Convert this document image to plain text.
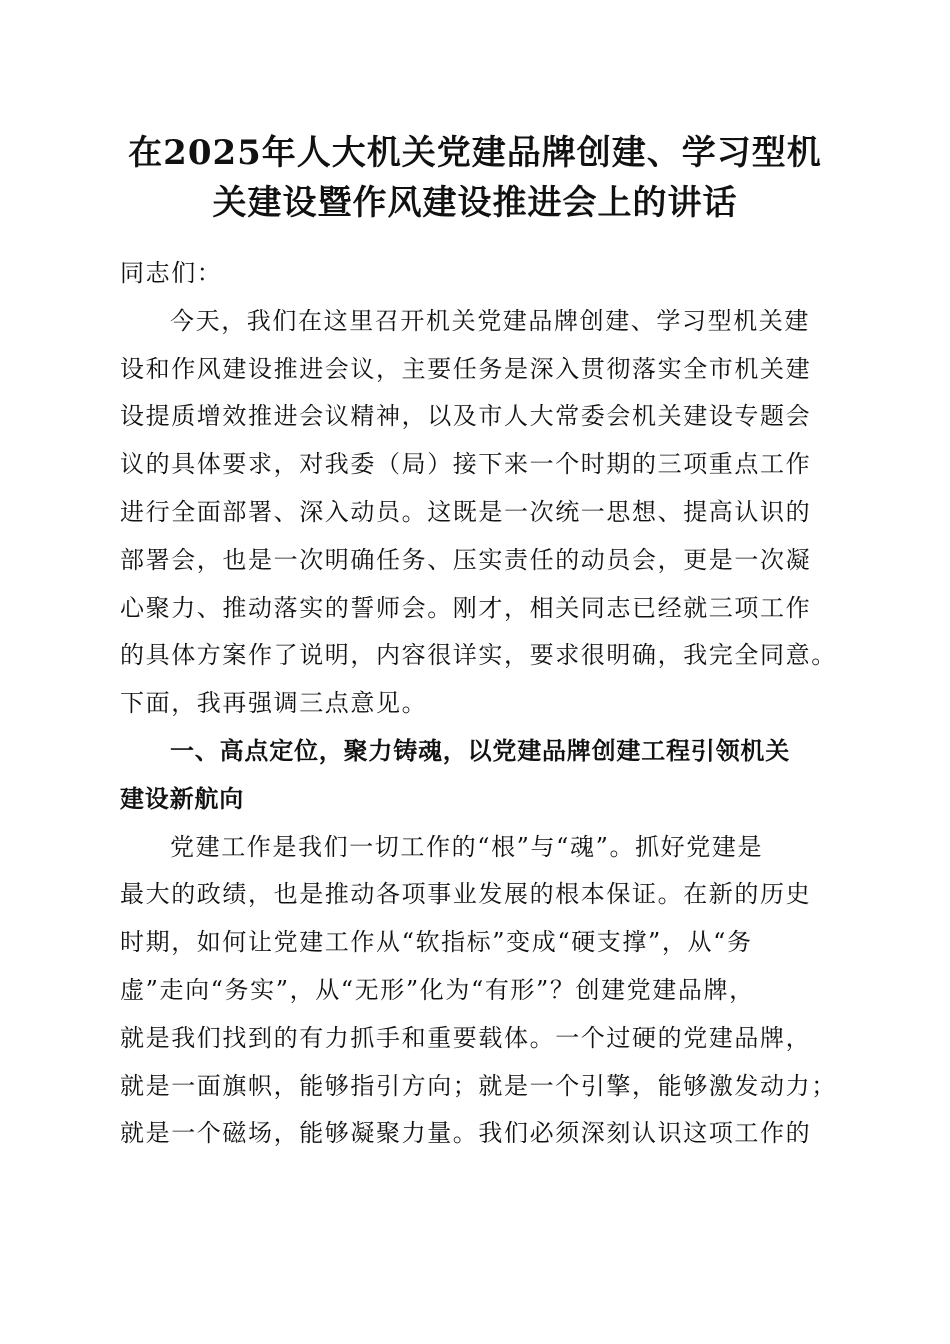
在2025年人大机关党建品牌创建、学习型机
关建设暨作风建设推进会上的讲话
同志们：
今天，我们在这里召开机关党建品牌创建、学习型机关建
设和作风建设推进会议，主要任务是深入贯彻落实全市机关建
设提质增效推进会议精神，以及市人大常委会机关建设专题会
议的具体要求，对我委（局）接下来一个时期的三项重点工作
进行全面部署、深入动员。这既是一次统一思想、提高认识的
部署会，也是一次明确任务、压实责任的动员会，更是一次凝
心聚力、推动落实的誓师会。刚才，相关同志已经就三项工作
的具体方案作了说明，内容很详实，要求很明确，我完全同意。
下面，我再强调三点意见。
一、高点定位，聚力铸魂，以党建品牌创建工程引领机关
建设新航向
党建工作是我们一切工作的“根”与“魂”。抓好党建是
最大的政绩，也是推动各项事业发展的根本保证。在新的历史
时期，如何让党建工作从“软指标”变成“硬支撑”，从“务
虚”走向“务实”，从“无形”化为“有形”？创建党建品牌，
就是我们找到的有力抓手和重要载体。一个过硬的党建品牌，
就是一面旗帜，能够指引方向；就是一个引擎，能够激发动力；
就是一个磁场，能够凝聚力量。我们必须深刻认识这项工作的
